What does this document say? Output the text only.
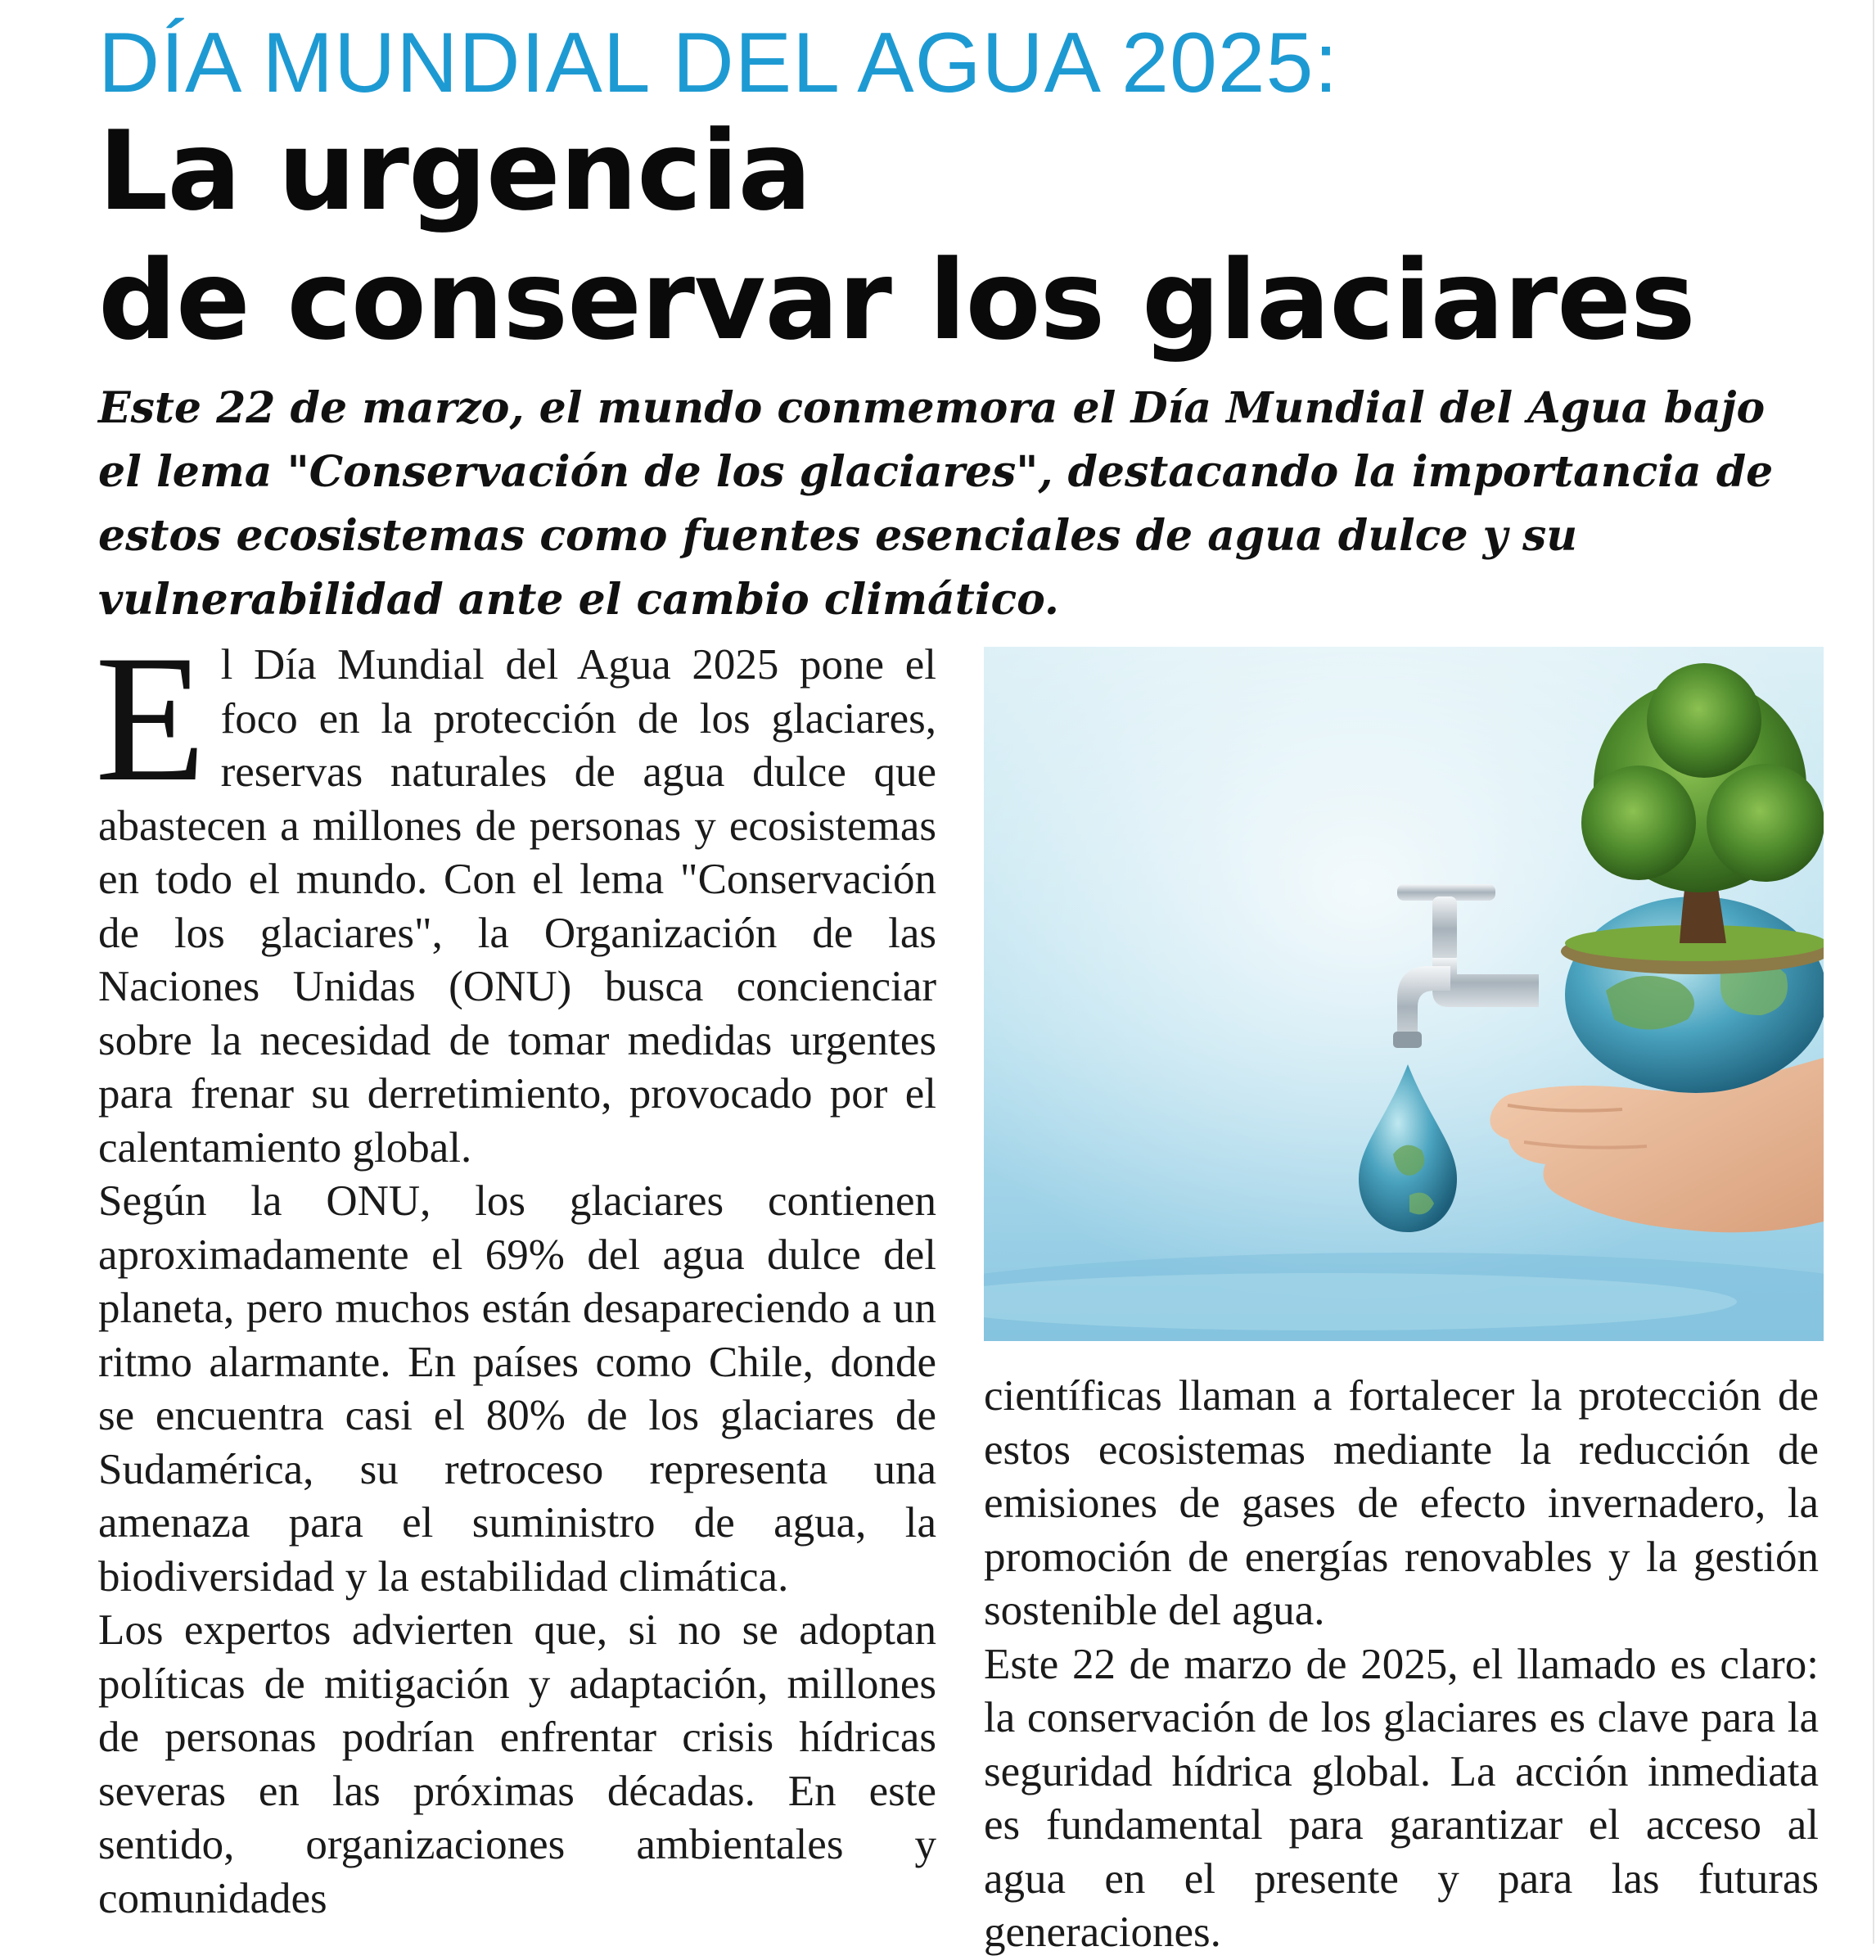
DÍA MUNDIAL DEL AGUA 2025:
La urgencia
de conservar los glaciares

Este 22 de marzo, el mundo conmemora el Día Mundial del Agua bajo el lema "Conservación de los glaciares", destacando la importancia de estos ecosistemas como fuentes esenciales de agua dulce y su vulnerabilidad ante el cambio climático.

El Día Mundial del Agua 2025 pone el foco en la protección de los glaciares, reservas naturales de agua dulce que abastecen a millones de personas y ecosistemas en todo el mundo. Con el lema "Conservación de los glaciares", la Organización de las Naciones Unidas (ONU) busca concienciar sobre la necesidad de tomar medidas urgentes para frenar su derretimiento, provocado por el calentamiento global.

Según la ONU, los glaciares contienen aproximadamente el 69% del agua dulce del planeta, pero muchos están desapareciendo a un ritmo alarmante. En países como Chile, donde se encuentra casi el 80% de los glaciares de Sudamérica, su retroceso representa una amenaza para el suministro de agua, la biodiversidad y la estabilidad climática.

Los expertos advierten que, si no se adoptan políticas de mitigación y adaptación, millones de personas podrían enfrentar crisis hídricas severas en las próximas décadas. En este sentido, organizaciones ambientales y comunidades

científicas llaman a fortalecer la protección de estos ecosistemas mediante la reducción de emisiones de gases de efecto invernadero, la promoción de energías renovables y la gestión sostenible del agua.

Este 22 de marzo de 2025, el llamado es claro: la conservación de los glaciares es clave para la seguridad hídrica global. La acción inmediata es fundamental para garantizar el acceso al agua en el presente y para las futuras generaciones.
